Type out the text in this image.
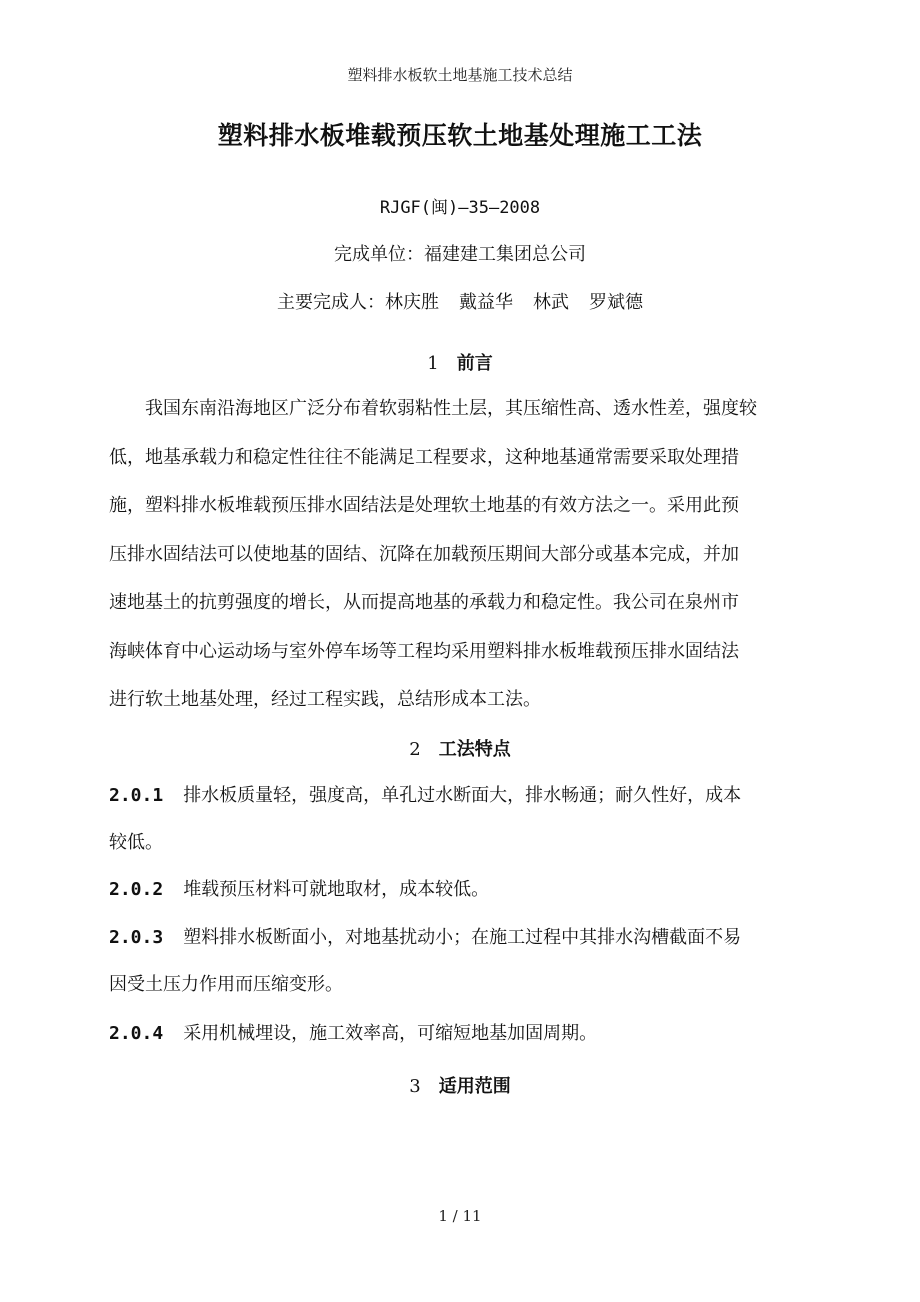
塑料排水板软土地基施工技术总结
塑料排水板堆载预压软土地基处理施工工法
RJGF(闽)—35—2008
完成单位：福建建工集团总公司
主要完成人：林庆胜 戴益华 林武 罗斌德
1 前言
我国东南沿海地区广泛分布着软弱粘性土层，其压缩性高、透水性差，强度较
低，地基承载力和稳定性往往不能满足工程要求，这种地基通常需要采取处理措
施，塑料排水板堆载预压排水固结法是处理软土地基的有效方法之一。采用此预
压排水固结法可以使地基的固结、沉降在加载预压期间大部分或基本完成，并加
速地基土的抗剪强度的增长，从而提高地基的承载力和稳定性。我公司在泉州市
海峡体育中心运动场与室外停车场等工程均采用塑料排水板堆载预压排水固结法
进行软土地基处理，经过工程实践，总结形成本工法。
2 工法特点
2.0.1 排水板质量轻，强度高，单孔过水断面大，排水畅通；耐久性好，成本
较低。
2.0.2 堆载预压材料可就地取材，成本较低。
2.0.3 塑料排水板断面小，对地基扰动小；在施工过程中其排水沟槽截面不易
因受土压力作用而压缩变形。
2.0.4 采用机械埋设，施工效率高，可缩短地基加固周期。
3 适用范围
1 / 11
